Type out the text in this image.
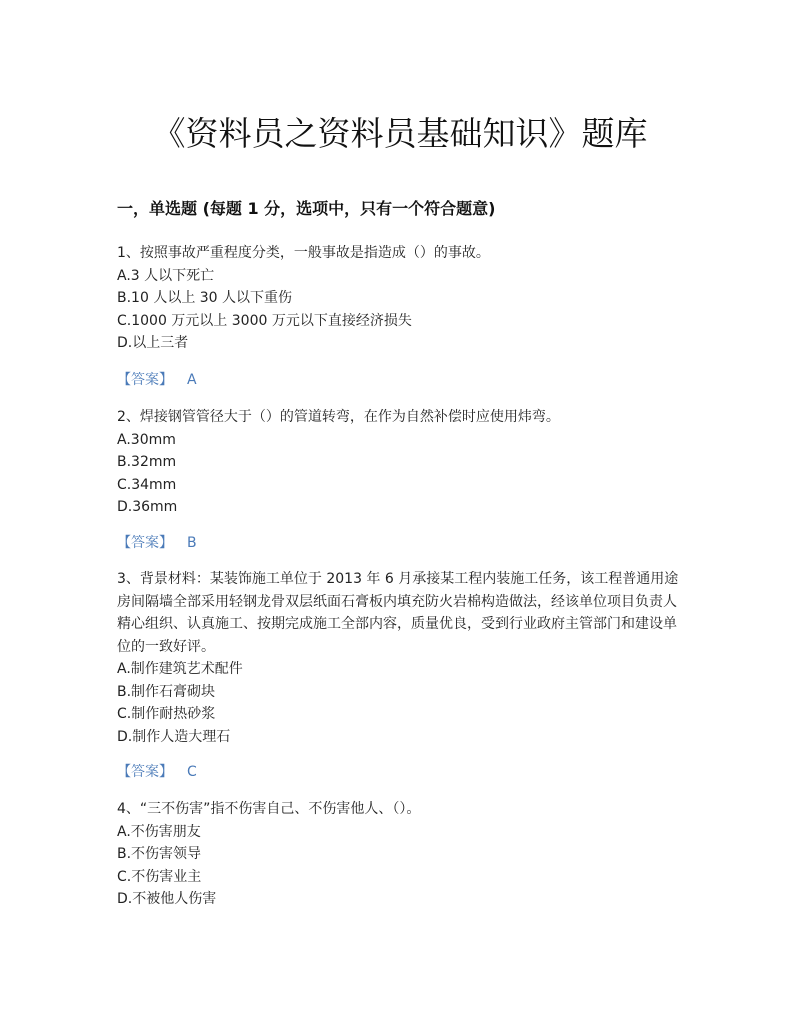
《资料员之资料员基础知识》题库
一，单选题 (每题 1 分，选项中，只有一个符合题意)

1、按照事故严重程度分类，一般事故是指造成（）的事故。

A.3 人以下死亡

B.10 人以上 30 人以下重伤

C.1000 万元以上 3000 万元以下直接经济损失

D.以上三者

【答案】 A

2、焊接钢管管径大于（）的管道转弯，在作为自然补偿时应使用炜弯。

A.30mm

B.32mm

C.34mm

D.36mm

【答案】 B

3、背景材料：某装饰施工单位于 2013 年 6 月承接某工程内装施工任务，该工程普通用途房间隔墙全部采用轻钢龙骨双层纸面石膏板内填充防火岩棉构造做法，经该单位项目负责人精心组织、认真施工、按期完成施工全部内容，质量优良，受到行业政府主管部门和建设单位的一致好评。

A.制作建筑艺术配件

B.制作石膏砌块

C.制作耐热砂浆

D.制作人造大理石

【答案】 C

4、“三不伤害”指不伤害自己、不伤害他人、（）。

A.不伤害朋友

B.不伤害领导

C.不伤害业主

D.不被他人伤害
